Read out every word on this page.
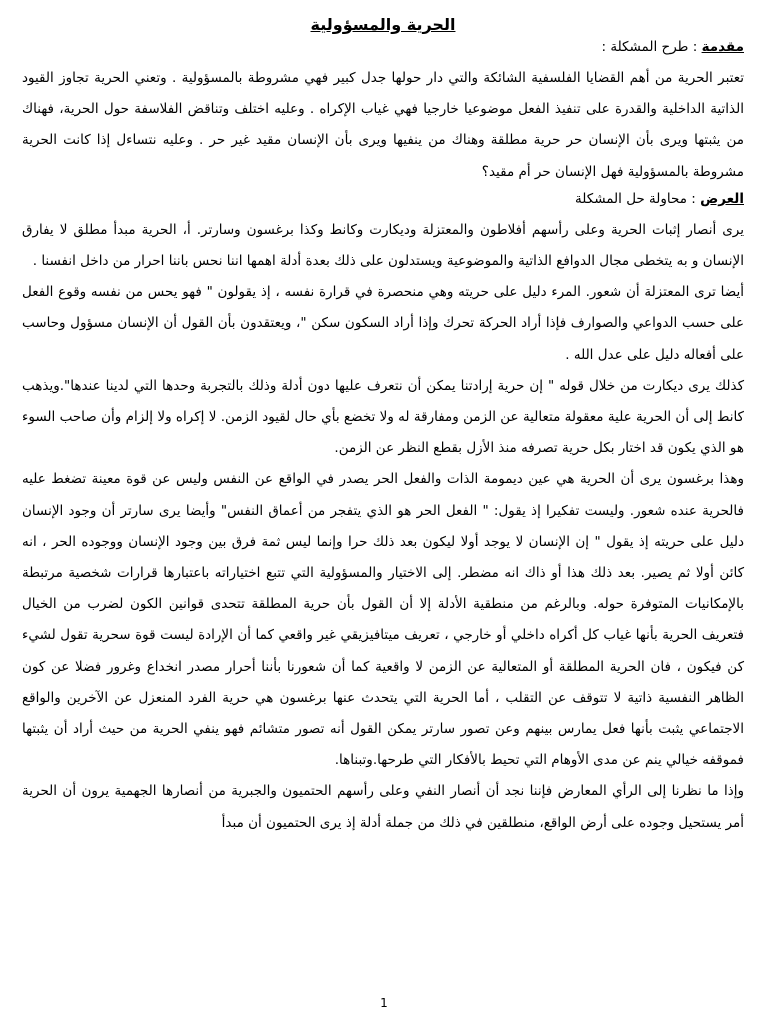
الحرية والمسؤولية

مقدمة : طرح المشكلة :

تعتبر الحرية من أهم القضايا الفلسفية الشائكة والتي دار حولها جدل كبير فهي مشروطة بالمسؤولية . وتعني الحرية تجاوز القيود الذاتية الداخلية والقدرة على تنفيذ الفعل موضوعيا خارجيا فهي غياب الإكراه . وعليه اختلف وتناقض الفلاسفة حول الحرية، فهناك من يثبتها ويرى بأن الإنسان حر حرية مطلقة وهناك من ينفيها ويرى بأن الإنسان مقيد غير حر . وعليه نتساءل إذا كانت الحرية مشروطة بالمسؤولية فهل الإنسان حر أم مقيد؟

العرض : محاولة حل المشكلة

يرى أنصار إثبات الحرية وعلى رأسهم أفلاطون والمعتزلة وديكارت وكانط وكذا برغسون وسارتر. أ، الحرية مبدأ مطلق لا يفارق الإنسان و به يتخطى مجال الدوافع الذاتية والموضوعية ويستدلون على ذلك بعدة أدلة اهمها اننا نحس باننا احرار من داخل انفسنا .

أيضا ترى المعتزلة أن شعور. المرء دليل على حريته وهي منحصرة في قرارة نفسه ، إذ يقولون " فهو يحس من نفسه وقوع الفعل على حسب الدواعي والصوارف فإذا أراد الحركة تحرك وإذا أراد السكون سكن "، ويعتقدون بأن القول أن الإنسان مسؤول وحاسب على أفعاله دليل على عدل الله .

كذلك يرى ديكارت من خلال قوله " إن حرية إرادتنا يمكن أن نتعرف عليها دون أدلة وذلك بالتجربة وحدها التي لدينا عندها".ويذهب كانط إلى أن الحرية علية معقولة متعالية عن الزمن ومفارقة له ولا تخضع بأي حال لقيود الزمن. لا إكراه ولا إلزام وأن صاحب السوء هو الذي يكون قد اختار بكل حرية تصرفه منذ الأزل بقطع النظر عن الزمن.

وهذا برغسون يرى أن الحرية هي عين ديمومة الذات والفعل الحر يصدر في الواقع عن النفس وليس عن قوة معينة تضغط عليه فالحرية عنده شعور. وليست تفكيرا إذ يقول: " الفعل الحر هو الذي يتفجر من أعماق النفس" وأيضا يرى سارتر أن وجود الإنسان دليل على حريته إذ يقول " إن الإنسان لا يوجد أولا ليكون بعد ذلك حرا وإنما ليس ثمة فرق بين وجود الإنسان ووجوده الحر ، انه كائن أولا ثم يصير. بعد ذلك هذا أو ذاك انه مضطر. إلى الاختيار والمسؤولية التي تتبع اختياراته باعتبارها قرارات شخصية مرتبطة بالإمكانيات المتوفرة حوله. وبالرغم من منطقية الأدلة إلا أن القول بأن حرية المطلقة تتحدى قوانين الكون لضرب من الخيال فتعريف الحرية بأنها غياب كل أكراه داخلي أو خارجي ، تعريف ميتافيزيقي غير واقعي كما أن الإرادة ليست قوة سحرية تقول لشيء كن فيكون ، فان الحرية المطلقة أو المتعالية عن الزمن لا واقعية كما أن شعورنا بأننا أحرار مصدر انخداع وغرور فضلا عن كون الظاهر النفسية ذاتية لا تتوقف عن التقلب ، أما الحرية التي يتحدث عنها برغسون هي حرية الفرد المنعزل عن الآخرين والواقع الاجتماعي يثبت بأنها فعل يمارس بينهم وعن تصور سارتر يمكن القول أنه تصور متشائم فهو ينفي الحرية من حيث أراد أن يثبتها فموقفه خيالي ينم عن مدى الأوهام التي تحيط بالأفكار التي طرحها.وتبناها.

وإذا ما نظرنا إلى الرأي المعارض فإننا نجد أن أنصار النفي وعلى رأسهم الحتميون والجبرية من أنصارها الجهمية يرون أن الحرية أمر يستحيل وجوده على أرض الواقع، منطلقين في ذلك من جملة أدلة إذ يرى الحتميون أن مبدأ

1
